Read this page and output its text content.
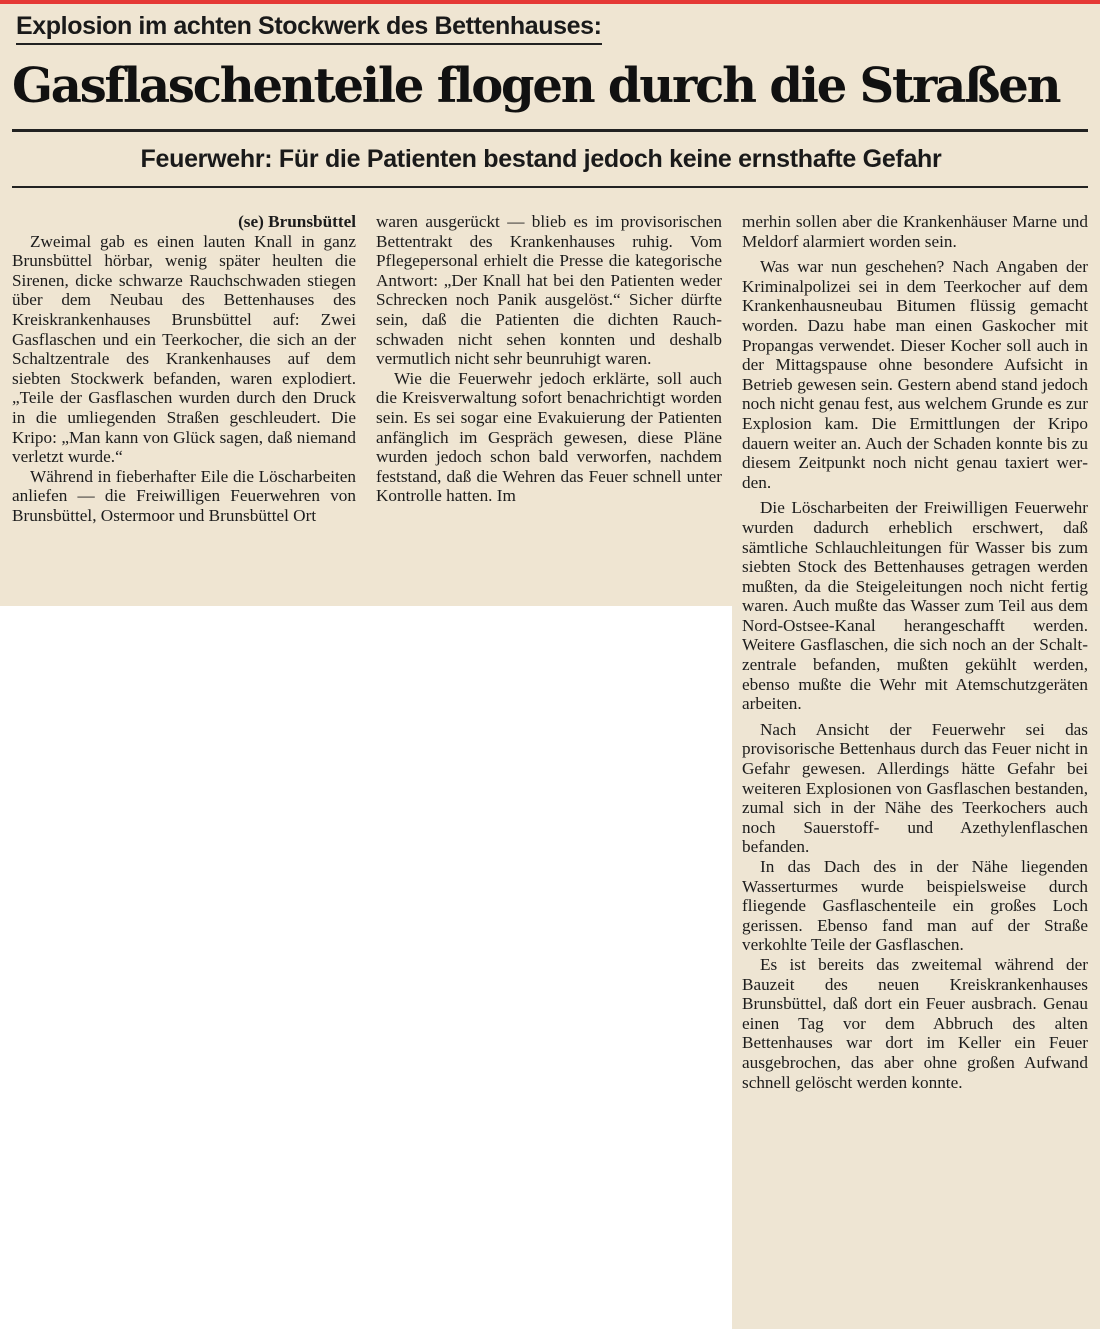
Explosion im achten Stockwerk des Bettenhauses:
Gasflaschenteile flogen durch die Straßen
Feuerwehr: Für die Patienten bestand jedoch keine ernsthafte Gefahr
(se) Brunsbüttel

Zweimal gab es einen lauten Knall in ganz Brunsbüttel hörbar, wenig später heulten die Sirenen, dicke schwarze Rauchschwaden stiegen über dem Neubau des Bettenhauses des Kreiskrankenhauses Brunsbüttel auf: Zwei Gasflaschen und ein Teerkocher, die sich an der Schaltzentrale des Krankenhauses auf dem siebten Stockwerk befanden, waren explodiert. „Teile der Gasflaschen wurden durch den Druck in die umliegenden Straßen geschleudert. Die Kripo: „Man kann von Glück sagen, daß niemand verletzt wurde.“

Während in fieberhafter Eile die Löscharbeiten anliefen — die Freiwilligen Feuerwehren von Brunsbüttel, Ostermoor und Brunsbüttel Ort

waren ausgerückt — blieb es im provisorischen Bettentrakt des Krankenhauses ruhig. Vom Pflegepersonal erhielt die Presse die kategorische Antwort: „Der Knall hat bei den Patienten weder Schrecken noch Panik ausgelöst.“ Sicher dürfte sein, daß die Patienten die dichten Rauchschwaden nicht sehen konnten und deshalb vermutlich nicht sehr beunruhigt waren.

Wie die Feuerwehr jedoch erklärte, soll auch die Kreisverwaltung sofort benachrichtigt worden sein. Es sei sogar eine Evakuierung der Patienten anfänglich im Gespräch gewesen, diese Pläne wurden jedoch schon bald verworfen, nachdem feststand, daß die Wehren das Feuer schnell unter Kontrolle hatten. Im

merhin sollen aber die Krankenhäuser Marne und Meldorf alarmiert worden sein.

Was war nun geschehen? Nach Angaben der Kriminalpolizei sei in dem Teerkocher auf dem Krankenhausneubau Bitumen flüssig gemacht worden. Dazu habe man einen Gaskocher mit Propangas verwendet. Dieser Kocher soll auch in der Mittagspause ohne besondere Aufsicht in Betrieb gewesen sein. Gestern abend stand jedoch noch nicht genau fest, aus welchem Grunde es zur Explosion kam. Die Ermittlungen der Kripo dauern weiter an. Auch der Schaden konnte bis zu diesem Zeitpunkt noch nicht genau taxiert werden.

Die Löscharbeiten der Freiwilligen Feuerwehr wurden dadurch erheblich erschwert, daß sämtliche Schlauchleitungen für Wasser bis zum siebten Stock des Bettenhauses getragen werden mußten, da die Steigeleitungen noch nicht fertig waren. Auch mußte das Wasser zum Teil aus dem Nord-Ostsee-Kanal herangeschafft werden. Weitere Gasflaschen, die sich noch an der Schaltzentrale befanden, mußten gekühlt werden, ebenso mußte die Wehr mit Atemschutzgeräten arbeiten.

Nach Ansicht der Feuerwehr sei das provisorische Bettenhaus durch das Feuer nicht in Gefahr gewesen. Allerdings hätte Gefahr bei weiteren Explosionen von Gasflaschen bestanden, zumal sich in der Nähe des Teerkochers auch noch Sauerstoff- und Azethylenflaschen befanden.

In das Dach des in der Nähe liegenden Wasserturmes wurde beispielsweise durch fliegende Gasflaschenteile ein großes Loch gerissen. Ebenso fand man auf der Straße verkohlte Teile der Gasflaschen.

Es ist bereits das zweitemal während der Bauzeit des neuen Kreiskrankenhauses Brunsbüttel, daß dort ein Feuer ausbrach. Genau einen Tag vor dem Abbruch des alten Bettenhauses war dort im Keller ein Feuer ausgebrochen, das aber ohne großen Aufwand schnell gelöscht werden konnte.
